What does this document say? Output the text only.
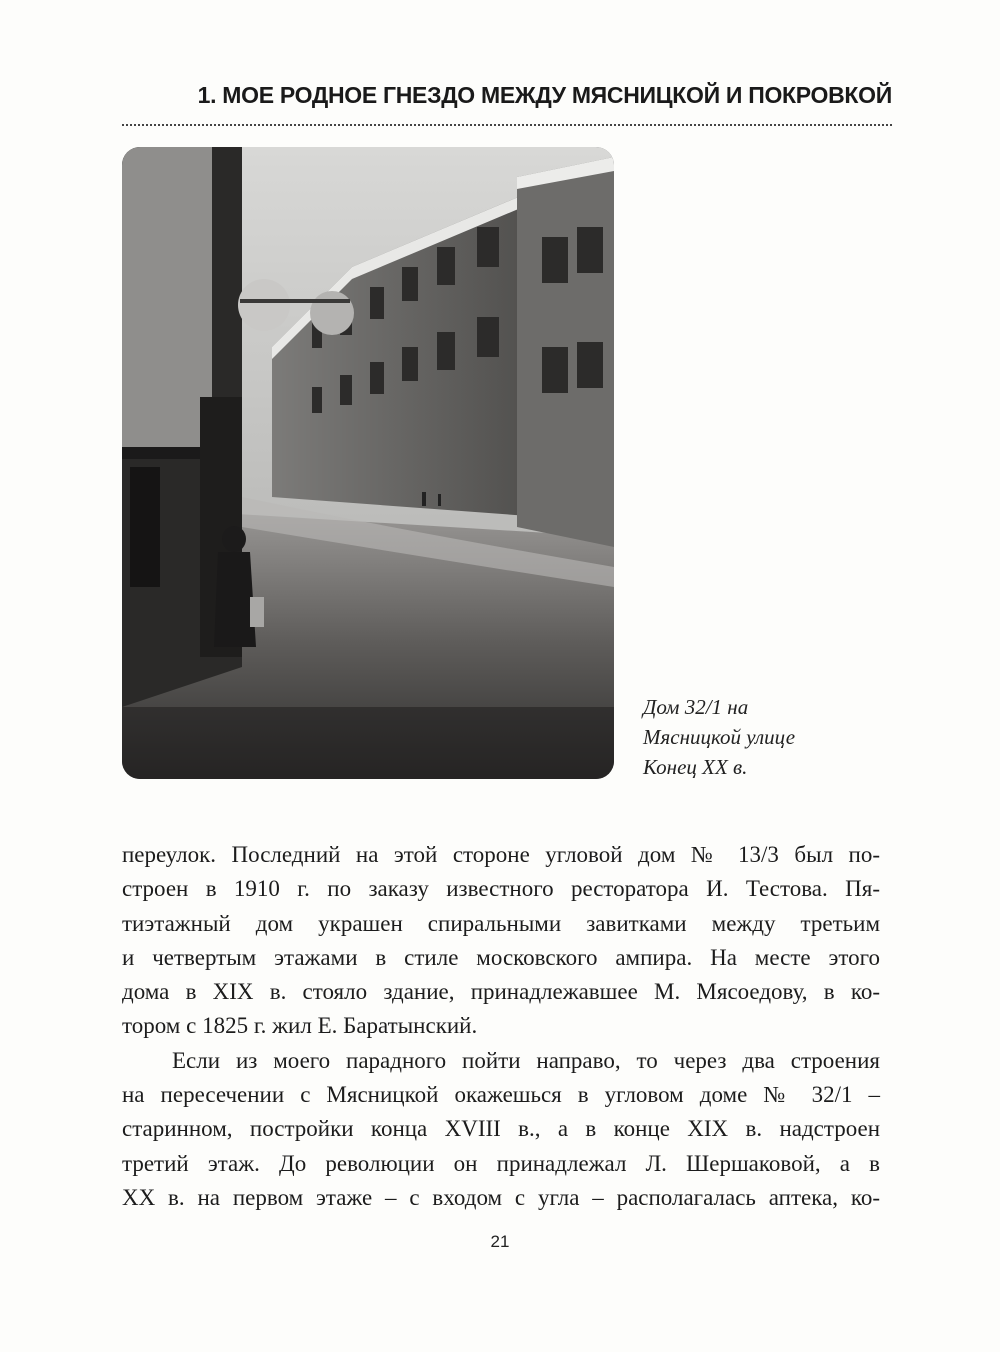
1. МОЕ РОДНОЕ ГНЕЗДО МЕЖДУ МЯСНИЦКОЙ И ПОКРОВКОЙ
Дом 32/1 на
Мясницкой улице
Конец XX в.

переулок. Последний на этой стороне угловой дом № 13/3 был по-
строен в 1910 г. по заказу известного ресторатора И. Тестова. Пя-
тиэтажный дом украшен спиральными завитками между третьим
и четвертым этажами в стиле московского ампира. На месте этого
дома в XIX в. стояло здание, принадлежавшее М. Мясоедову, в ко-
тором с 1825 г. жил Е. Баратынский.

Если из моего парадного пойти направо, то через два строения
на пересечении с Мясницкой окажешься в угловом доме № 32/1 –
старинном, постройки конца XVIII в., а в конце XIX в. надстроен
третий этаж. До революции он принадлежал Л. Шершаковой, а в
XX в. на первом этаже – с входом с угла – располагалась аптека, ко-

21
